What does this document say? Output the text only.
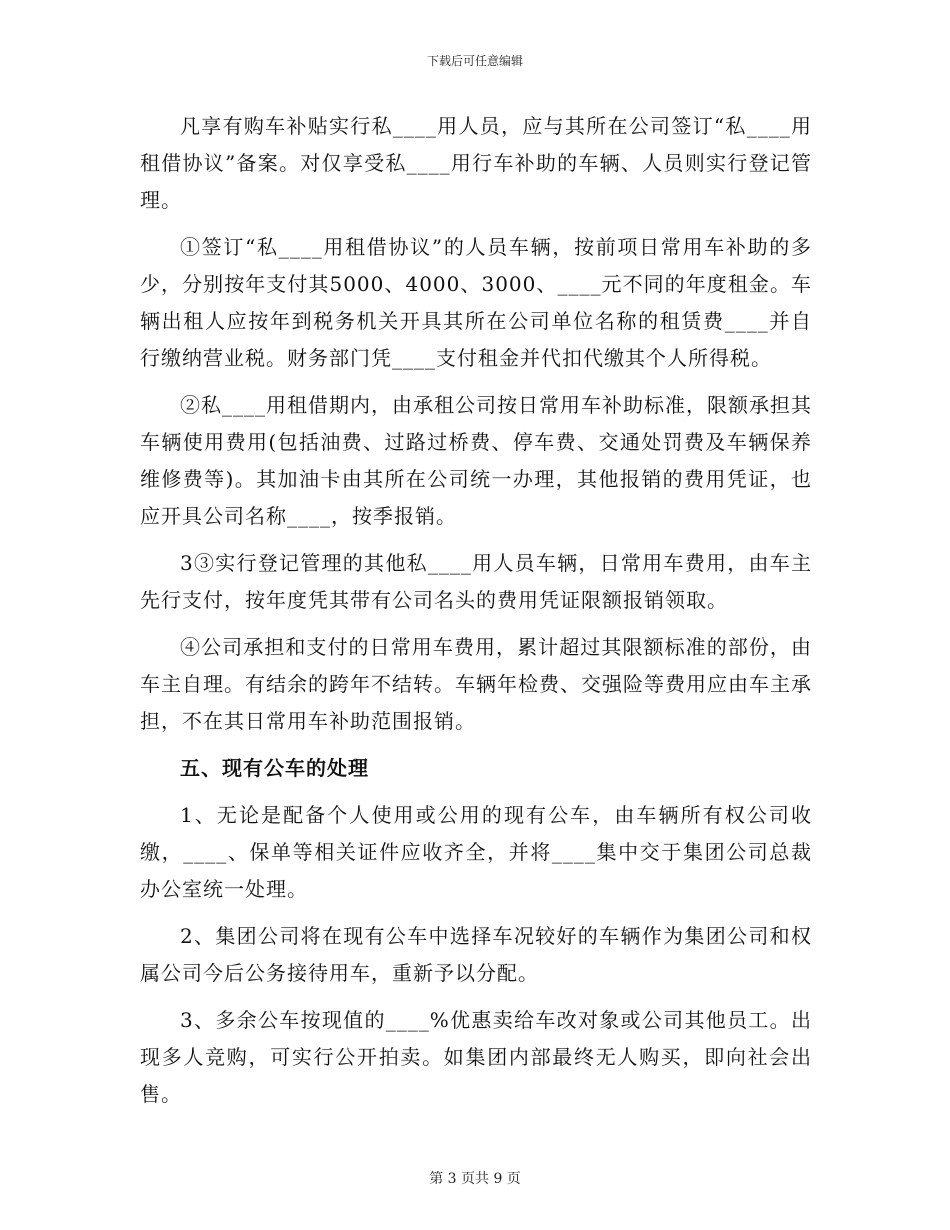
下载后可任意编辑

凡享有购车补贴实行私____用人员，应与其所在公司签订“私____用租借协议”备案。对仅享受私____用行车补助的车辆、人员则实行登记管理。

①签订“私____用租借协议”的人员车辆，按前项日常用车补助的多少，分别按年支付其5000、4000、3000、____元不同的年度租金。车辆出租人应按年到税务机关开具其所在公司单位名称的租赁费____并自行缴纳营业税。财务部门凭____支付租金并代扣代缴其个人所得税。

②私____用租借期内，由承租公司按日常用车补助标准，限额承担其车辆使用费用(包括油费、过路过桥费、停车费、交通处罚费及车辆保养维修费等)。其加油卡由其所在公司统一办理，其他报销的费用凭证，也应开具公司名称____，按季报销。

3③实行登记管理的其他私____用人员车辆，日常用车费用，由车主先行支付，按年度凭其带有公司名头的费用凭证限额报销领取。

④公司承担和支付的日常用车费用，累计超过其限额标准的部份，由车主自理。有结余的跨年不结转。车辆年检费、交强险等费用应由车主承担，不在其日常用车补助范围报销。

五、现有公车的处理

1、无论是配备个人使用或公用的现有公车，由车辆所有权公司收缴，____、保单等相关证件应收齐全，并将____集中交于集团公司总裁办公室统一处理。

2、集团公司将在现有公车中选择车况较好的车辆作为集团公司和权属公司今后公务接待用车，重新予以分配。

3、多余公车按现值的____%优惠卖给车改对象或公司其他员工。出现多人竞购，可实行公开拍卖。如集团内部最终无人购买，即向社会出售。

第 3 页共 9 页
